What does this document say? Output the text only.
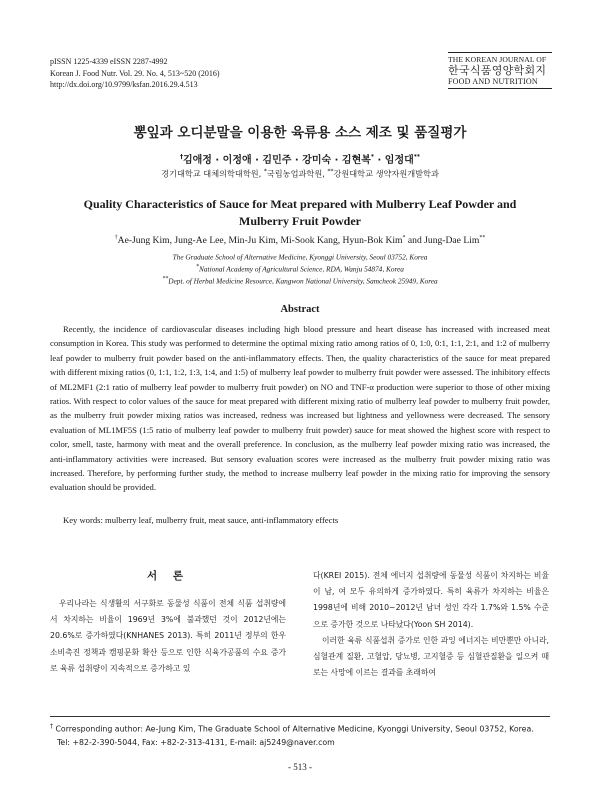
pISSN 1225-4339 eISSN 2287-4992
Korean J. Food Nutr. Vol. 29. No. 4, 513~520 (2016)
http://dx.doi.org/10.9799/ksfan.2016.29.4.513
THE KOREAN JOURNAL OF
한국식품영양학회지
FOOD AND NUTRITION
뽕잎과 오디분말을 이용한 육류용 소스 제조 및 품질평가
†김애정 · 이정애 · 김민주 · 강미숙 · 김현복* · 임정대**
경기대학교 대체의학대학원, *국립농업과학원, **강원대학교 생약자원개발학과
Quality Characteristics of Sauce for Meat prepared with Mulberry Leaf Powder and Mulberry Fruit Powder
†Ae-Jung Kim, Jung-Ae Lee, Min-Ju Kim, Mi-Sook Kang, Hyun-Bok Kim* and Jung-Dae Lim**
The Graduate School of Alternative Medicine, Kyonggi University, Seoul 03752, Korea
*National Academy of Agricultural Science, RDA, Wanju 54874, Korea
**Dept. of Herbal Medicine Resource, Kangwon National University, Samcheok 25949, Korea
Abstract

Recently, the incidence of cardiovascular diseases including high blood pressure and heart disease has increased with increased meat consumption in Korea. This study was performed to determine the optimal mixing ratio among ratios of 0, 1:0, 0:1, 1:1, 2:1, and 1:2 of mulberry leaf powder to mulberry fruit powder based on the anti-inflammatory effects. Then, the quality characteristics of the sauce for meat prepared with different mixing ratios (0, 1:1, 1:2, 1:3, 1:4, and 1:5) of mulberry leaf powder to mulberry fruit powder were assessed. The inhibitory effects of ML2MF1 (2:1 ratio of mulberry leaf powder to mulberry fruit powder) on NO and TNF-α production were superior to those of other mixing ratios. With respect to color values of the sauce for meat prepared with different mixing ratio of mulberry leaf powder to mulberry fruit powder, as the mulberry fruit powder mixing ratios was increased, redness was increased but lightness and yellowness were decreased. The sensory evaluation of ML1MF5S (1:5 ratio of mulberry leaf powder to mulberry fruit powder) sauce for meat showed the highest score with respect to color, smell, taste, harmony with meat and the overall preference. In conclusion, as the mulberry leaf powder mixing ratio was increased, the anti-inflammatory activities were increased. But sensory evaluation scores were increased as the mulberry fruit powder mixing ratio was increased. Therefore, by performing further study, the method to increase mulberry leaf powder in the mixing ratio for improving the sensory evaluation should be provided.

Key words: mulberry leaf, mulberry fruit, meat sauce, anti-inflammatory effects
서 론

우리나라는 식생활의 서구화로 동물성 식품이 전체 식품 섭취량에서 차지하는 비율이 1969년 3%에 불과했던 것이 2012년에는 20.6%로 증가하였다(KNHANES 2013). 특히 2011년 정부의 한우 소비촉진 정책과 캠핑문화 확산 등으로 인한 식육가공품의 수요 증가로 육류 섭취량이 지속적으로 증가하고 있

다(KREI 2015). 전체 에너지 섭취량에 동물성 식품이 차지하는 비율이 남, 여 모두 유의하게 증가하였다. 특히 육류가 차지하는 비율은 1998년에 비해 2010~2012년 남녀 성인 각각 1.7%와 1.5% 수준으로 증가한 것으로 나타났다(Yoon SH 2014).

이러한 육류 식품섭취 증가로 인한 과잉 에너지는 비만뿐만 아니라, 심혈관계 질환, 고혈압, 당뇨병, 고지혈증 등 심혈관질환을 일으켜 때로는 사망에 이르는 결과를 초래하여

† Corresponding author: Ae-Jung Kim, The Graduate School of Alternative Medicine, Kyonggi University, Seoul 03752, Korea.
Tel: +82-2-390-5044, Fax: +82-2-313-4131, E-mail: aj5249@naver.com
- 513 -
